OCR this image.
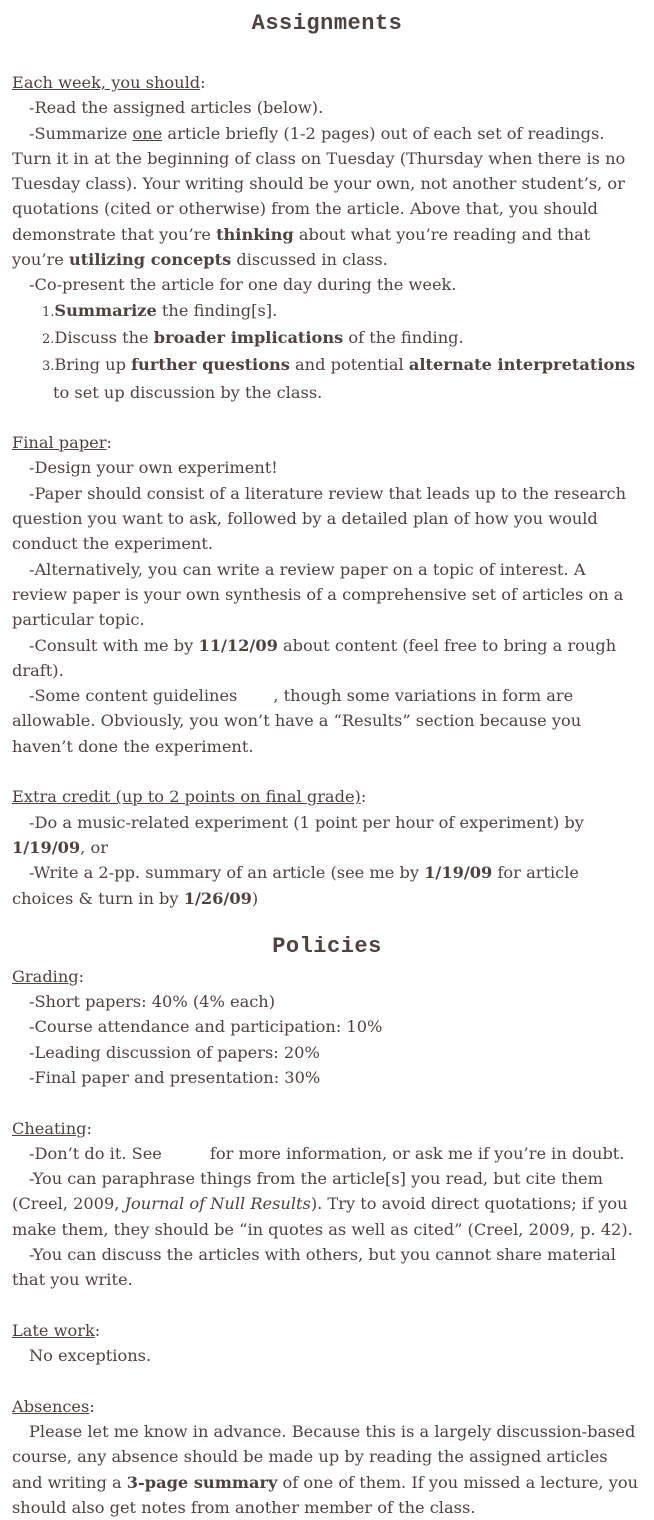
Assignments

Each week, you should:

-Read the assigned articles (below).

-Summarize one article briefly (1-2 pages) out of each set of readings. Turn it in at the beginning of class on Tuesday (Thursday when there is no Tuesday class). Your writing should be your own, not another student’s, or quotations (cited or otherwise) from the article. Above that, you should demonstrate that you’re thinking about what you’re reading and that you’re utilizing concepts discussed in class.

-Co-present the article for one day during the week.

1.Summarize the finding[s].
2.Discuss the broader implications of the finding.
3.Bring up further questions and potential alternate interpretations to set up discussion by the class.

Final paper:

-Design your own experiment!

-Paper should consist of a literature review that leads up to the research question you want to ask, followed by a detailed plan of how you would conduct the experiment.

-Alternatively, you can write a review paper on a topic of interest. A review paper is your own synthesis of a comprehensive set of articles on a particular topic.

-Consult with me by 11/12/09 about content (feel free to bring a rough draft).

-Some content guidelines , though some variations in form are allowable. Obviously, you won’t have a “Results” section because you haven’t done the experiment.

Extra credit (up to 2 points on final grade):

-Do a music-related experiment (1 point per hour of experiment) by 1/19/09, or

-Write a 2-pp. summary of an article (see me by 1/19/09 for article choices & turn in by 1/26/09)

Policies

Grading:

-Short papers: 40% (4% each)

-Course attendance and participation: 10%

-Leading discussion of papers: 20%

-Final paper and presentation: 30%

Cheating:

-Don’t do it. See	for more information, or ask me if you’re in doubt.

-You can paraphrase things from the article[s] you read, but cite them (Creel, 2009, Journal of Null Results). Try to avoid direct quotations; if you make them, they should be “in quotes as well as cited” (Creel, 2009, p. 42).

-You can discuss the articles with others, but you cannot share material that you write.

Late work:

No exceptions.

Absences:

Please let me know in advance. Because this is a largely discussion-based course, any absence should be made up by reading the assigned articles and writing a 3-page summary of one of them. If you missed a lecture, you should also get notes from another member of the class.
